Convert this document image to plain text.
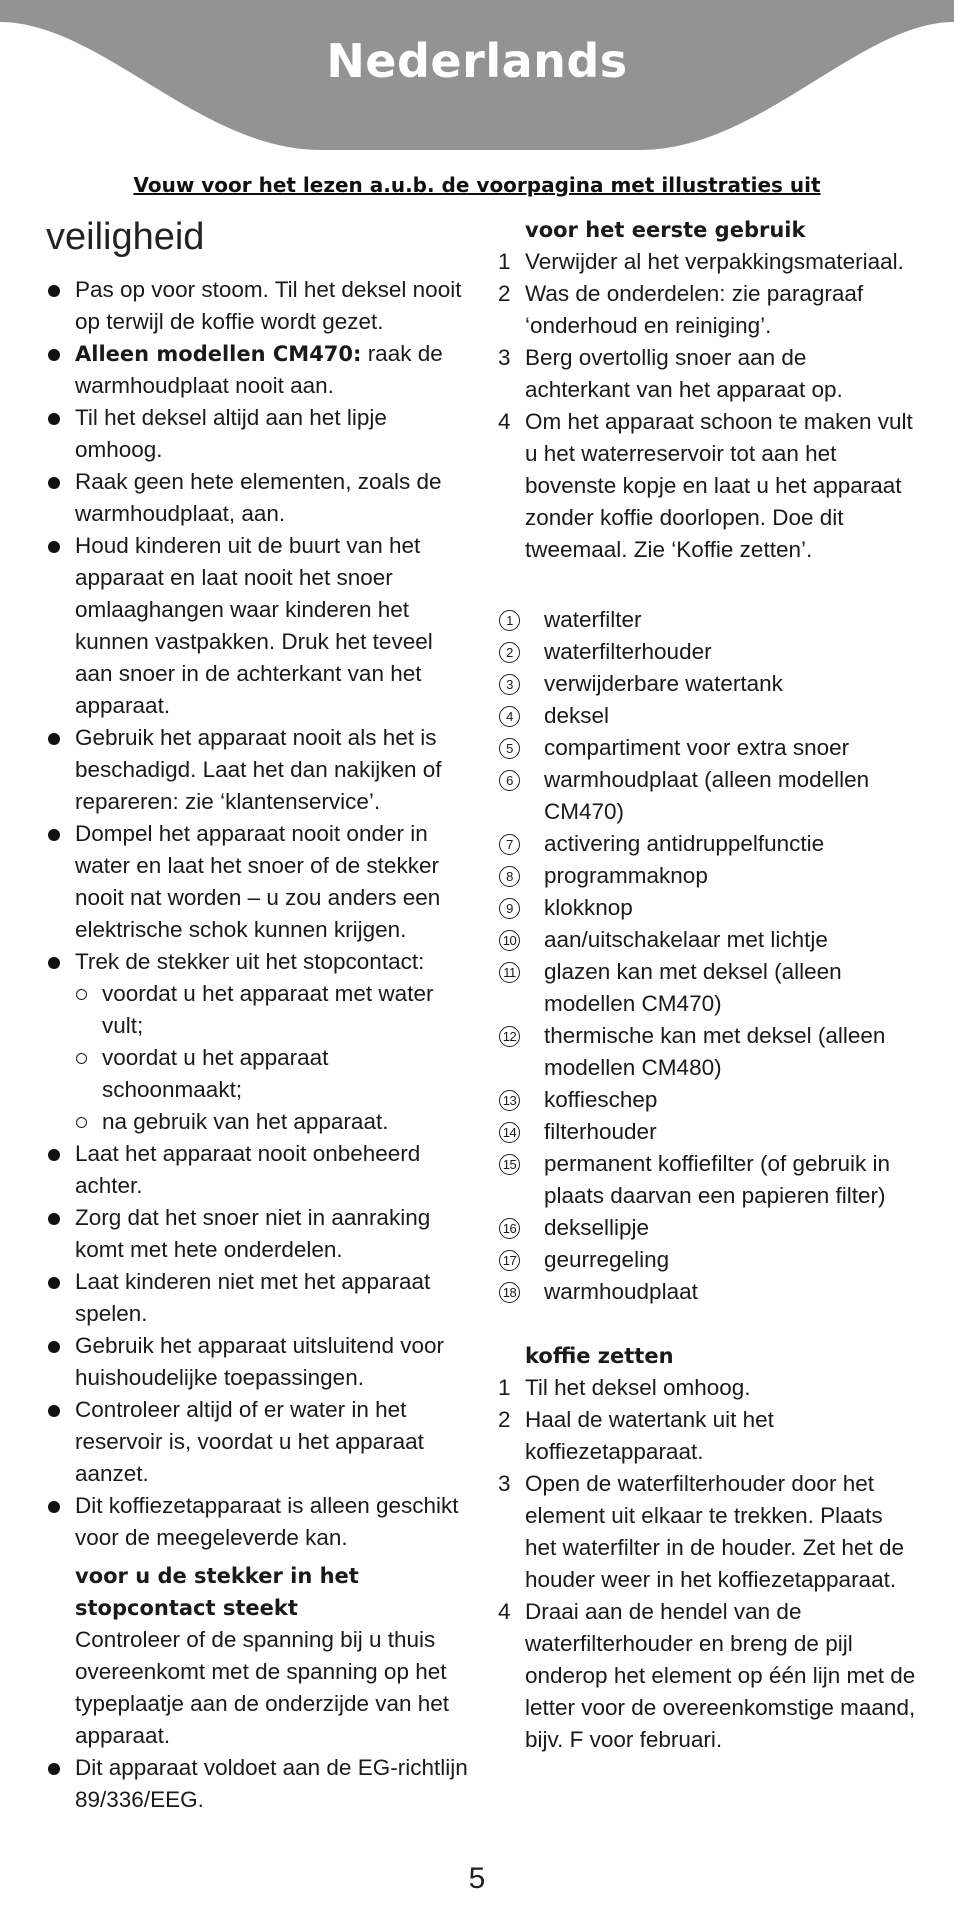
Nederlands
Vouw voor het lezen a.u.b. de voorpagina met illustraties uit
veiligheid
Pas op voor stoom. Til het deksel nooit op terwijl de koffie wordt gezet.
Alleen modellen CM470: raak de warmhoudplaat nooit aan.
Til het deksel altijd aan het lipje omhoog.
Raak geen hete elementen, zoals de warmhoudplaat, aan.
Houd kinderen uit de buurt van het apparaat en laat nooit het snoer omlaaghangen waar kinderen het kunnen vastpakken. Druk het teveel aan snoer in de achterkant van het apparaat.
Gebruik het apparaat nooit als het is beschadigd. Laat het dan nakijken of repareren: zie ‘klantenservice’.
Dompel het apparaat nooit onder in water en laat het snoer of de stekker nooit nat worden – u zou anders een elektrische schok kunnen krijgen.
Trek de stekker uit het stopcontact:
voordat u het apparaat met water vult;
voordat u het apparaat schoonmaakt;
na gebruik van het apparaat.
Laat het apparaat nooit onbeheerd achter.
Zorg dat het snoer niet in aanraking komt met hete onderdelen.
Laat kinderen niet met het apparaat spelen.
Gebruik het apparaat uitsluitend voor huishoudelijke toepassingen.
Controleer altijd of er water in het reservoir is, voordat u het apparaat aanzet.
Dit koffiezetapparaat is alleen geschikt voor de meegeleverde kan.
voor u de stekker in het stopcontact steekt
Controleer of de spanning bij u thuis overeenkomt met de spanning op het typeplaatje aan de onderzijde van het apparaat.
Dit apparaat voldoet aan de EG-richtlijn 89/336/EEG.
voor het eerste gebruik
1 Verwijder al het verpakkingsmateriaal.
2 Was de onderdelen: zie paragraaf ‘onderhoud en reiniging’.
3 Berg overtollig snoer aan de achterkant van het apparaat op.
4 Om het apparaat schoon te maken vult u het waterreservoir tot aan het bovenste kopje en laat u het apparaat zonder koffie doorlopen. Doe dit tweemaal. Zie ‘Koffie zetten’.
1	waterfilter
2	waterfilterhouder
3	verwijderbare watertank
4	deksel
5	compartiment voor extra snoer
6	warmhoudplaat (alleen modellen CM470)
7	activering antidruppelfunctie
8	programmaknop
9	klokknop
10 aan/uitschakelaar met lichtje
11 glazen kan met deksel (alleen modellen CM470)
12 thermische kan met deksel (alleen modellen CM480)
13 koffieschep
14 filterhouder
15 permanent koffiefilter (of gebruik in plaats daarvan een papieren filter)
16 deksellipje
17 geurregeling
18 warmhoudplaat
koffie zetten
1 Til het deksel omhoog.
2 Haal de watertank uit het koffiezetapparaat.
3 Open de waterfilterhouder door het element uit elkaar te trekken. Plaats het waterfilter in de houder. Zet het de houder weer in het koffiezetapparaat.
4 Draai aan de hendel van de waterfilterhouder en breng de pijl onderop het element op één lijn met de letter voor de overeenkomstige maand, bijv. F voor februari.
5
